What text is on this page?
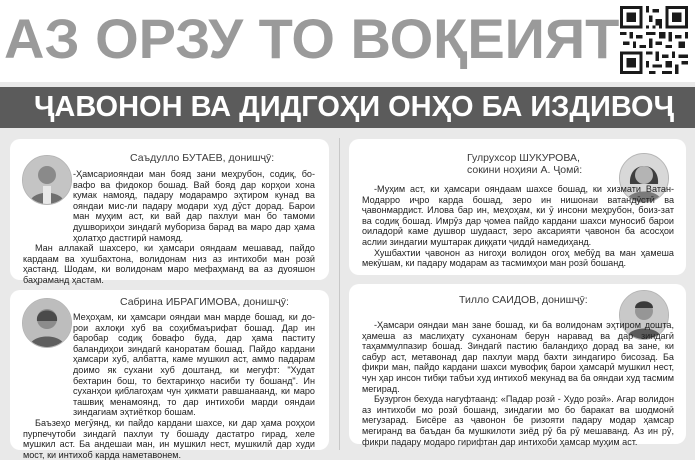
АЗ ОРЗУ ТО ВОҚЕИЯТ
ҶАВОНОН ВА ДИДГОҲИ ОНҲО БА ИЗДИВОҶ
Саъдуллo БУТАЕВ, донишҷӯ:

-Ҳамсариояндаи ман бояд зани меҳрубон, содиқ, бо-вафо ва фидокор бошад. Вай бояд дар корҳои хона кумак намояд, падару модарамро эҳтиром кунад ва ояндаи мис-ли падару модари худ дӯст дорад. Барои ман муҳим аст, ки вай дар пахлуи ман бо тамоми душвориҳои зиндагӣ мубориза барад ва маро дар ҳама ҳолатҳо дастгирӣ намояд.

Ман аллакай шахсеро, ки ҳамсари ояндаам мешавад, пайдо кардаам ва хушбахтона, волидонам низ аз интихоби ман розӣ ҳастанд. Шодам, ки волидонам маро мефаҳманд ва аз дуояшон баҳраманд ҳастам.

Сабрина ИБРАГИМОВА, донишҷӯ:

Меҳоҳам, ки ҳамсари ояндаи ман марде бошад, ки до-рои ахлоқи хуб ва соҳибмаърифат бошад. Дар ин баробар содиқ бовафо буда, дар ҳама паститу баландиҳои зиндагӣ каноратам бошад. Пайдо кардани ҳамсари хуб, албатта, каме мушкил аст, аммо падарам доимо як сухани хуб доштанд, ки мегуфт: "Худат бехтарин бош, то бехтаринҳо насиби ту бошанд". Ин суханҳои қиблагоҳам чун ҳикмати равшанаанд, ки маро ташвиқ менамоянд, то дар интихоби марди ояндаи зиндагиам эҳтиёткор бошам.

Баъзеҳо мегӯянд, ки пайдо кардани шахсе, ки дар ҳама роҳҳои пурпечутоби зиндагӣ пахлуи ту бошаду дастатро гирад, хеле мушкил аст. Ба андешаи ман, ин мушкил нест, мушкилӣ дар худи мост, ки интихоб карда наметавонем.

Гулрухсор ШУКУРОВА,
сокини ноҳияи А. Ҷомӣ:

-Муҳим аст, ки ҳамсари ояндаам шахсе бошад, ки хизмати Ватан-Модарро иҷро карда бошад, зеро ин нишонаи ватандӯстӣ ва ҷавонмардист. Илова бар ин, меҳоҳам, ки ӯ инсони меҳрубон, боиз-зат ва содиқ бошад. Имрӯз дар ҷомеа пайдо кардани шахси муносиб барои оиладорӣ каме душвор шудааст, зеро аксарияти ҷавонон ба асосҳои аслии зиндагии муштарак диққати ҷиддӣ намедиҳанд.

Хушбахтии ҷавонон аз нигоҳи волидон огоҳ мебӯд ва ман ҳамеша мекӯшам, ки падару модарам аз тасмимҳои ман розӣ бошанд.

Тилло САИДОВ, донишҷӯ:

-Ҳамсари ояндаи ман зане бошад, ки ба волидонам эҳтиром дошта, ҳамеша аз маслиҳату суханонам берун наравад ва дар зиндагӣ таҳаммулпазир бошад. Зиндагӣ пастию баландиҳо дорад ва зане, ки сабур аст, метавонад дар пахлуи мард бахти зиндагиро бисозад. Ба фикри ман, пайдо кардани шахси мувофиқ барои ҳамсарӣ мушкил нест, чун ҳар инсон тибқи табъи худ интихоб мекунад ва ба ояндаи худ тасмим мегирад.

Бузургон бехуда нагуфтаанд: «Падар розӣ - Худо розӣ». Агар волидон аз интихоби мо розӣ бошанд, зиндагии мо бо баракат ва шодмонӣ мегузарад. Бисёре аз ҷавонон бе ризояти падару модар ҳамсар мегиранд ва баъдан ба мушкилоти зиёд рӯ ба рӯ мешаванд. Аз ин рӯ, фикри падару модаро гирифтан дар интихоби ҳамсар муҳим аст.
